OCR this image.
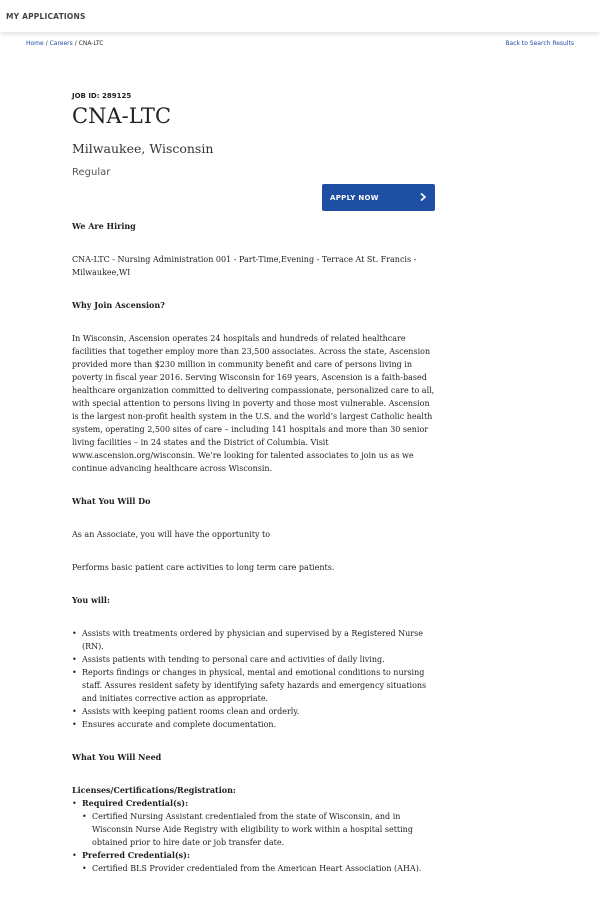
MY APPLICATIONS
Home / Careers / CNA-LTC	Back to Search Results
JOB ID: 289125
CNA-LTC
Milwaukee, Wisconsin
Regular
APPLY NOW
We Are Hiring

CNA-LTC - Nursing Administration 001 - Part-Time,Evening - Terrace At St. Francis - Milwaukee,WI

Why Join Ascension?

In Wisconsin, Ascension operates 24 hospitals and hundreds of related healthcare facilities that together employ more than 23,500 associates. Across the state, Ascension provided more than $230 million in community benefit and care of persons living in poverty in fiscal year 2016. Serving Wisconsin for 169 years, Ascension is a faith-based healthcare organization committed to delivering compassionate, personalized care to all, with special attention to persons living in poverty and those most vulnerable. Ascension is the largest non-profit health system in the U.S. and the world’s largest Catholic health system, operating 2,500 sites of care – including 141 hospitals and more than 30 senior living facilities – in 24 states and the District of Columbia. Visit www.ascension.org/wisconsin. We’re looking for talented associates to join us as we continue advancing healthcare across Wisconsin.

What You Will Do

As an Associate, you will have the opportunity to

Performs basic patient care activities to long term care patients.

You will:
• Assists with treatments ordered by physician and supervised by a Registered Nurse (RN).
• Assists patients with tending to personal care and activities of daily living.
• Reports findings or changes in physical, mental and emotional conditions to nursing staff. Assures resident safety by identifying safety hazards and emergency situations and initiates corrective action as appropriate.
• Assists with keeping patient rooms clean and orderly.
• Ensures accurate and complete documentation.
What You Will Need
Licenses/Certifications/Registration:
• Required Credential(s):
• Certified Nursing Assistant credentialed from the state of Wisconsin, and in Wisconsin Nurse Aide Registry with eligibility to work within a hospital setting obtained prior to hire date or job transfer date.
• Preferred Credential(s):
• Certified BLS Provider credentialed from the American Heart Association (AHA).
